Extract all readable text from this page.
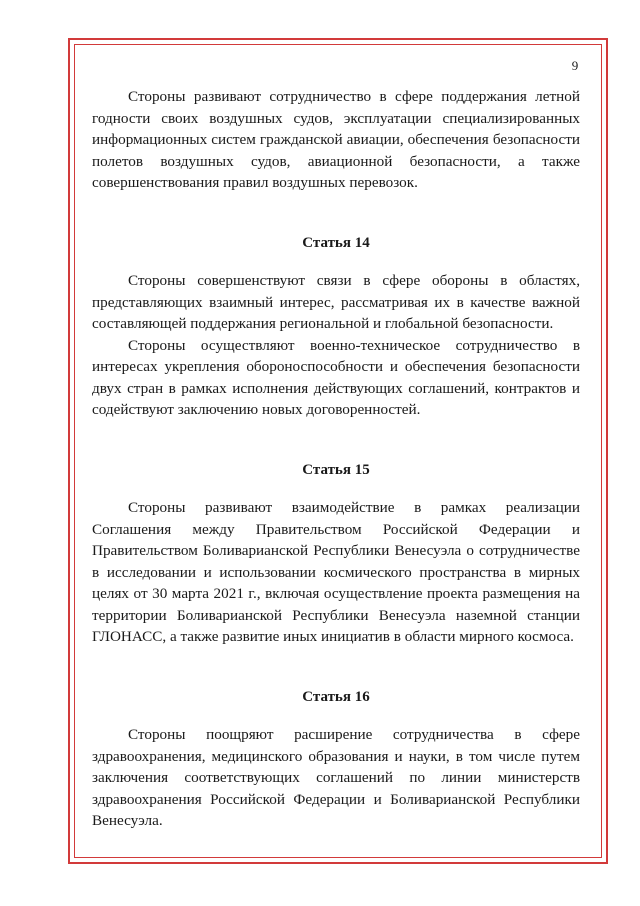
9

Стороны развивают сотрудничество в сфере поддержания летной годности своих воздушных судов, эксплуатации специализированных информационных систем гражданской авиации, обеспечения безопасности полетов воздушных судов, авиационной безопасности, а также совершенствования правил воздушных перевозок.

Статья 14

Стороны совершенствуют связи в сфере обороны в областях, представляющих взаимный интерес, рассматривая их в качестве важной составляющей поддержания региональной и глобальной безопасности.

Стороны осуществляют военно-техническое сотрудничество в интересах укрепления обороноспособности и обеспечения безопасности двух стран в рамках исполнения действующих соглашений, контрактов и содействуют заключению новых договоренностей.

Статья 15

Стороны развивают взаимодействие в рамках реализации Соглашения между Правительством Российской Федерации и Правительством Боливарианской Республики Венесуэла о сотрудничестве в исследовании и использовании космического пространства в мирных целях от 30 марта 2021 г., включая осуществление проекта размещения на территории Боливарианской Республики Венесуэла наземной станции ГЛОНАСС, а также развитие иных инициатив в области мирного космоса.

Статья 16

Стороны поощряют расширение сотрудничества в сфере здравоохранения, медицинского образования и науки, в том числе путем заключения соответствующих соглашений по линии министерств здравоохранения Российской Федерации и Боливарианской Республики Венесуэла.
